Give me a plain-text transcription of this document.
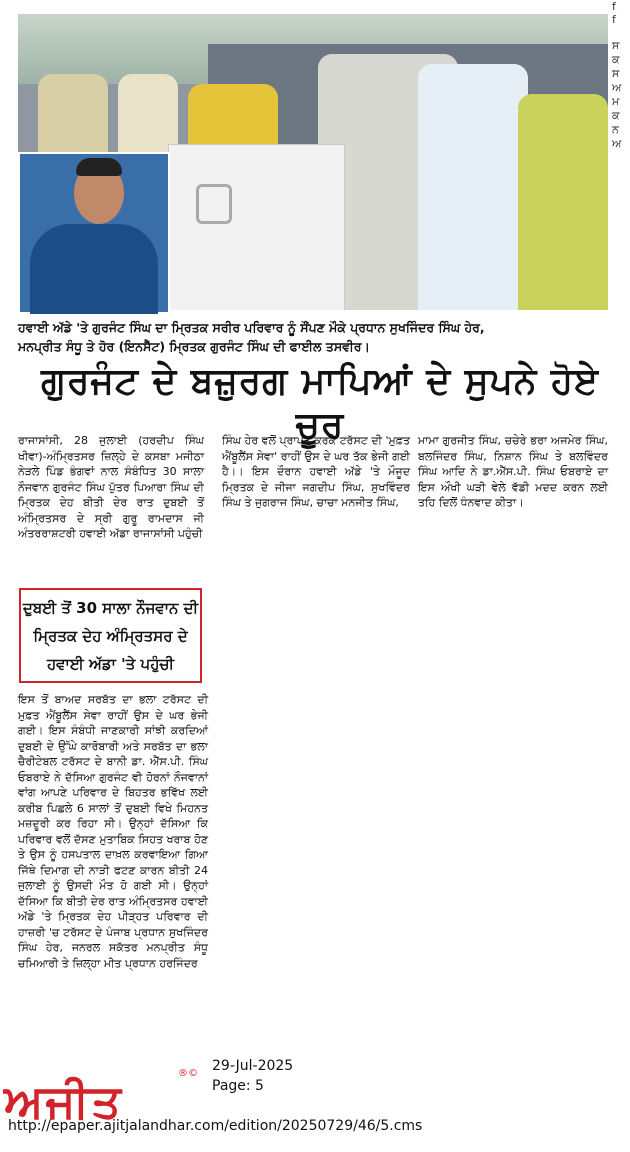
f
f

ਸ
ਕ
ਸ
ਅ
ਮ
ਕ
ਨ
ਅ
ਹਵਾਈ ਅੱਡੇ 'ਤੇ ਗੁਰਜੰਟ ਸਿੰਘ ਦਾ ਮ੍ਰਿਤਕ ਸਰੀਰ ਪਰਿਵਾਰ ਨੂੰ ਸੌਂਪਣ ਮੌਕੇ ਪ੍ਰਧਾਨ ਸੁਖਜਿੰਦਰ ਸਿੰਘ ਹੇਰ,
ਮਨਪ੍ਰੀਤ ਸੰਧੂ ਤੇ ਹੋਰ (ਇਨਸੈੱਟ) ਮ੍ਰਿਤਕ ਗੁਰਜੰਟ ਸਿੰਘ ਦੀ ਫਾਈਲ ਤਸਵੀਰ।
ਗੁਰਜੰਟ ਦੇ ਬਜ਼ੁਰਗ ਮਾਪਿਆਂ ਦੇ ਸੁਪਨੇ ਹੋਏ ਚੂਰ
ਰਾਜਾਸਾਂਸੀ, 28 ਜੁਲਾਈ (ਹਰਦੀਪ ਸਿੰਘ ਖੀਵਾ)-ਅੰਮ੍ਰਿਤਸਰ ਜ਼ਿਲ੍ਹੇ ਦੇ ਕਸਬਾ ਮਜੀਠਾ ਨੇੜਲੇ ਪਿੰਡ ਭੰਗਵਾਂ ਨਾਲ ਸੰਬੰਧਿਤ 30 ਸਾਲਾ ਨੌਜਵਾਨ ਗੁਰਜੰਟ ਸਿੰਘ ਪੁੱਤਰ ਪਿਆਰਾ ਸਿੰਘ ਦੀ ਮ੍ਰਿਤਕ ਦੇਹ ਬੀਤੀ ਦੇਰ ਰਾਤ ਦੁਬਈ ਤੋਂ ਅੰਮ੍ਰਿਤਸਰ ਦੇ ਸ੍ਰੀ ਗੁਰੂ ਰਾਮਦਾਸ ਜੀ ਅੰਤਰਰਾਸ਼ਟਰੀ ਹਵਾਈ ਅੱਡਾ ਰਾਜਾਸਾਂਸੀ ਪਹੁੰਚੀ
ਦੁਬਈ ਤੋਂ 30 ਸਾਲਾ ਨੌਜਵਾਨ ਦੀ ਮ੍ਰਿਤਕ ਦੇਹ ਅੰਮ੍ਰਿਤਸਰ ਦੇ ਹਵਾਈ ਅੱਡਾ 'ਤੇ ਪਹੁੰਚੀ
ਇਸ ਤੋਂ ਬਾਅਦ ਸਰਬੱਤ ਦਾ ਭਲਾ ਟਰੱਸਟ ਦੀ ਮੁਫ਼ਤ ਐਂਬੂਲੈਂਸ ਸੇਵਾ ਰਾਹੀਂ ਉਸ ਦੇ ਘਰ ਭੇਜੀ ਗਈ। ਇਸ ਸੰਬੰਧੀ ਜਾਣਕਾਰੀ ਸਾਂਝੀ ਕਰਦਿਆਂ ਦੁਬਈ ਦੇ ਉੱਘੇ ਕਾਰੋਬਾਰੀ ਅਤੇ ਸਰਬੱਤ ਦਾ ਭਲਾ ਚੈਰੀਟੇਬਲ ਟਰੱਸਟ ਦੇ ਬਾਨੀ ਡਾ. ਐੱਸ.ਪੀ. ਸਿੰਘ ਓਬਰਾਏ ਨੇ ਦੱਸਿਆ ਗੁਰਜੰਟ ਵੀ ਹੋਰਨਾਂ ਨੌਜਵਾਨਾਂ ਵਾਂਗ ਆਪਣੇ ਪਰਿਵਾਰ ਦੇ ਬਿਹਤਰ ਭਵਿੱਖ ਲਈ ਕਰੀਬ ਪਿਛਲੇ 6 ਸਾਲਾਂ ਤੋਂ ਦੁਬਈ ਵਿਖੇ ਮਿਹਨਤ ਮਜ਼ਦੂਰੀ ਕਰ ਰਿਹਾ ਸੀ। ਉਨ੍ਹਾਂ ਦੱਸਿਆ ਕਿ ਪਰਿਵਾਰ ਵਲੋਂ ਦੱਸਣ ਮੁਤਾਬਿਕ ਸਿਹਤ ਖਰਾਬ ਹੋਣ ਤੇ ਉਸ ਨੂੰ ਹਸਪਤਾਲ ਦਾਖ਼ਲ ਕਰਵਾਇਆ ਗਿਆ ਜਿੱਥੇ ਦਿਮਾਗ ਦੀ ਨਾੜੀ ਫਟਣ ਕਾਰਨ ਬੀਤੀ 24 ਜੁਲਾਈ ਨੂੰ ਉਸਦੀ ਮੌਤ ਹੋ ਗਈ ਸੀ। ਉਨ੍ਹਾਂ ਦੱਸਿਆ ਕਿ ਬੀਤੀ ਦੇਰ ਰਾਤ ਅੰਮ੍ਰਿਤਸਰ ਹਵਾਈ ਅੱਡੇ 'ਤੇ ਮ੍ਰਿਤਕ ਦੇਹ ਪੀੜ੍ਹਤ ਪਰਿਵਾਰ ਦੀ ਹਾਜ਼ਰੀ 'ਚ ਟਰੱਸਟ ਦੇ ਪੰਜਾਬ ਪ੍ਰਧਾਨ ਸੁਖਜਿੰਦਰ ਸਿੰਘ ਹੇਰ, ਜਨਰਲ ਸਕੱਤਰ ਮਨਪ੍ਰੀਤ ਸੰਧੂ ਚਮਿਆਰੀ ਤੇ ਜ਼ਿਲ੍ਹਾ ਮੀਤ ਪ੍ਰਧਾਨ ਹਰਜਿੰਦਰ
ਸਿੰਘ ਹੇਰ ਵਲੋਂ ਪ੍ਰਾਪਤ ਕਰਕੇ ਟਰੱਸਟ ਦੀ 'ਮੁਫ਼ਤ ਐਂਬੂਲੈਂਸ ਸੇਵਾ' ਰਾਹੀਂ ਉਸ ਦੇ ਘਰ ਤੱਕ ਭੇਜੀ ਗਈ ਹੈ।। ਇਸ ਦੌਰਾਨ ਹਵਾਈ ਅੱਡੇ 'ਤੇ ਮੌਜੂਦ ਮ੍ਰਿਤਕ ਦੇ ਜੀਜਾ ਜਗਦੀਪ ਸਿੰਘ, ਸੁਖਵਿੰਦਰ ਸਿੰਘ ਤੇ ਜੁਗਰਾਜ ਸਿੰਘ, ਚਾਚਾ ਮਨਜੀਤ ਸਿੰਘ,
ਮਾਮਾ ਗੁਰਜੀਤ ਸਿੰਘ, ਚਚੇਰੇ ਭਰਾ ਅਜਮੇਰ ਸਿੰਘ, ਬਲਜਿੰਦਰ ਸਿੰਘ, ਨਿਸ਼ਾਨ ਸਿੰਘ ਤੇ ਬਲਵਿੰਦਰ ਸਿੰਘ ਆਦਿ ਨੇ ਡਾ.ਐੱਸ.ਪੀ. ਸਿੰਘ ਓਬਰਾਏ ਦਾ ਇਸ ਔਖੀ ਘੜੀ ਵੇਲੇ ਵੱਡੀ ਮਦਦ ਕਰਨ ਲਈ ਤਹਿ ਦਿਲੋਂ ਧੰਨਵਾਦ ਕੀਤਾ।
ਅਜੀਤ
®© 29-Jul-2025
Page: 5
http://epaper.ajitjalandhar.com/edition/20250729/46/5.cms
